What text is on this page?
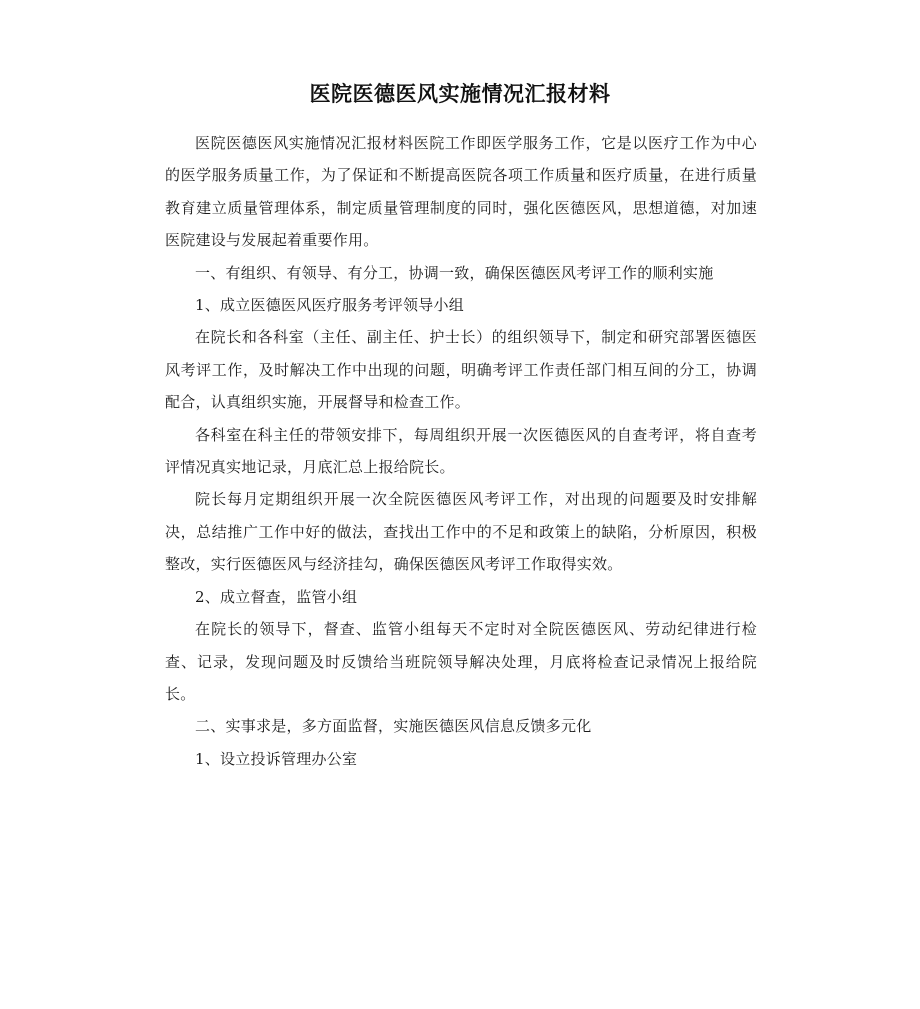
医院医德医风实施情况汇报材料

医院医德医风实施情况汇报材料医院工作即医学服务工作，它是以医疗工作为中心的医学服务质量工作，为了保证和不断提高医院各项工作质量和医疗质量，在进行质量教育建立质量管理体系，制定质量管理制度的同时，强化医德医风，思想道德，对加速医院建设与发展起着重要作用。

一、有组织、有领导、有分工，协调一致，确保医德医风考评工作的顺利实施

1、成立医德医风医疗服务考评领导小组

在院长和各科室（主任、副主任、护士长）的组织领导下，制定和研究部署医德医风考评工作，及时解决工作中出现的问题，明确考评工作责任部门相互间的分工，协调配合，认真组织实施，开展督导和检查工作。

各科室在科主任的带领安排下，每周组织开展一次医德医风的自查考评，将自查考评情况真实地记录，月底汇总上报给院长。

院长每月定期组织开展一次全院医德医风考评工作，对出现的问题要及时安排解决，总结推广工作中好的做法，查找出工作中的不足和政策上的缺陷，分析原因，积极整改，实行医德医风与经济挂勾，确保医德医风考评工作取得实效。

2、成立督查，监管小组

在院长的领导下，督查、监管小组每天不定时对全院医德医风、劳动纪律进行检查、记录，发现问题及时反馈给当班院领导解决处理，月底将检查记录情况上报给院长。

二、实事求是，多方面监督，实施医德医风信息反馈多元化

1、设立投诉管理办公室
